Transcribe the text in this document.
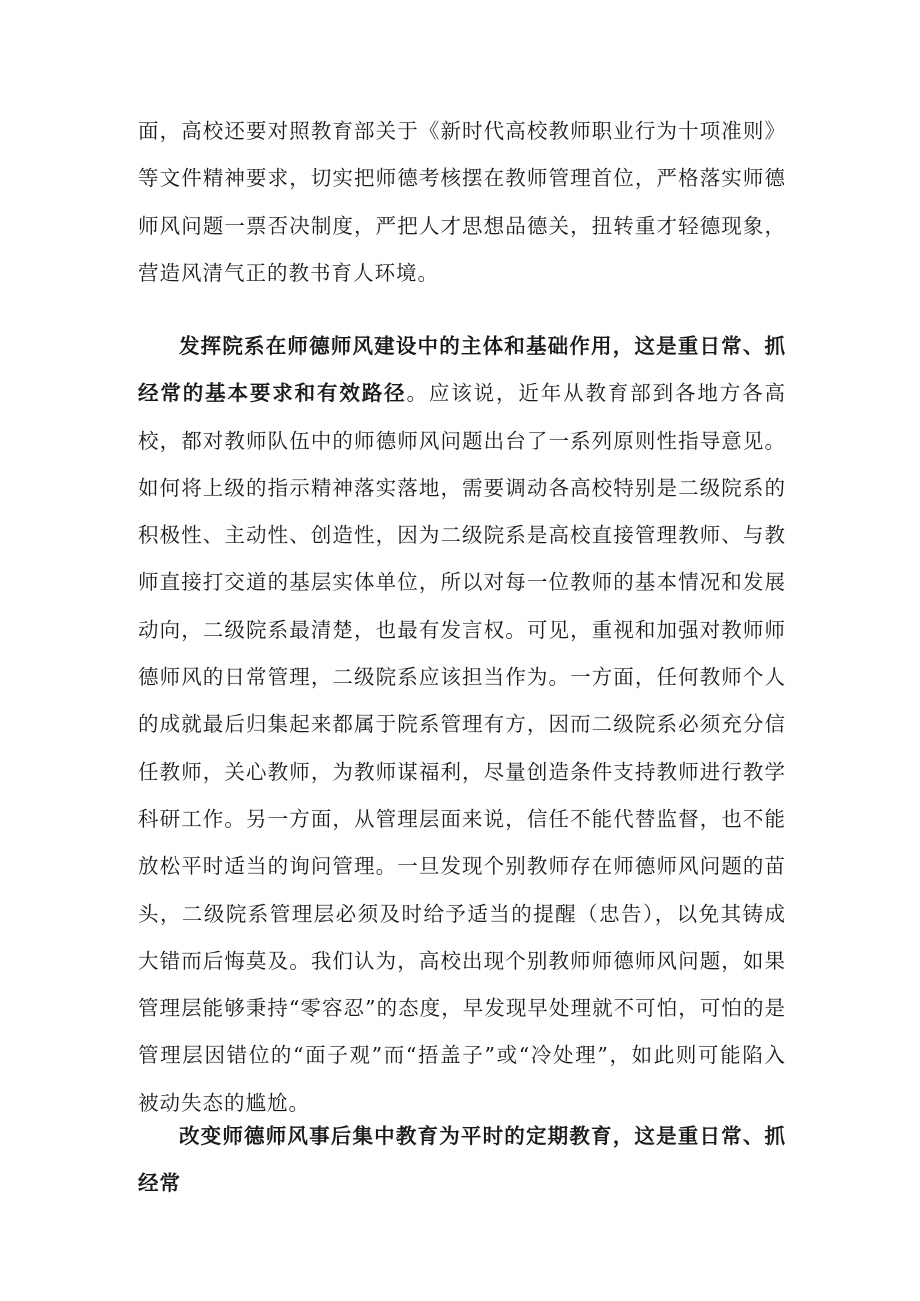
面，高校还要对照教育部关于《新时代高校教师职业行为十项准则》等文件精神要求，切实把师德考核摆在教师管理首位，严格落实师德师风问题一票否决制度，严把人才思想品德关，扭转重才轻德现象，营造风清气正的教书育人环境。

发挥院系在师德师风建设中的主体和基础作用，这是重日常、抓经常的基本要求和有效路径。应该说，近年从教育部到各地方各高校，都对教师队伍中的师德师风问题出台了一系列原则性指导意见。如何将上级的指示精神落实落地，需要调动各高校特别是二级院系的积极性、主动性、创造性，因为二级院系是高校直接管理教师、与教师直接打交道的基层实体单位，所以对每一位教师的基本情况和发展动向，二级院系最清楚，也最有发言权。可见，重视和加强对教师师德师风的日常管理，二级院系应该担当作为。一方面，任何教师个人的成就最后归集起来都属于院系管理有方，因而二级院系必须充分信任教师，关心教师，为教师谋福利，尽量创造条件支持教师进行教学科研工作。另一方面，从管理层面来说，信任不能代替监督，也不能放松平时适当的询问管理。一旦发现个别教师存在师德师风问题的苗头，二级院系管理层必须及时给予适当的提醒（忠告），以免其铸成大错而后悔莫及。我们认为，高校出现个别教师师德师风问题，如果管理层能够秉持“零容忍”的态度，早发现早处理就不可怕，可怕的是管理层因错位的“面子观”而“捂盖子”或“冷处理”，如此则可能陷入被动失态的尴尬。

改变师德师风事后集中教育为平时的定期教育，这是重日常、抓经常
